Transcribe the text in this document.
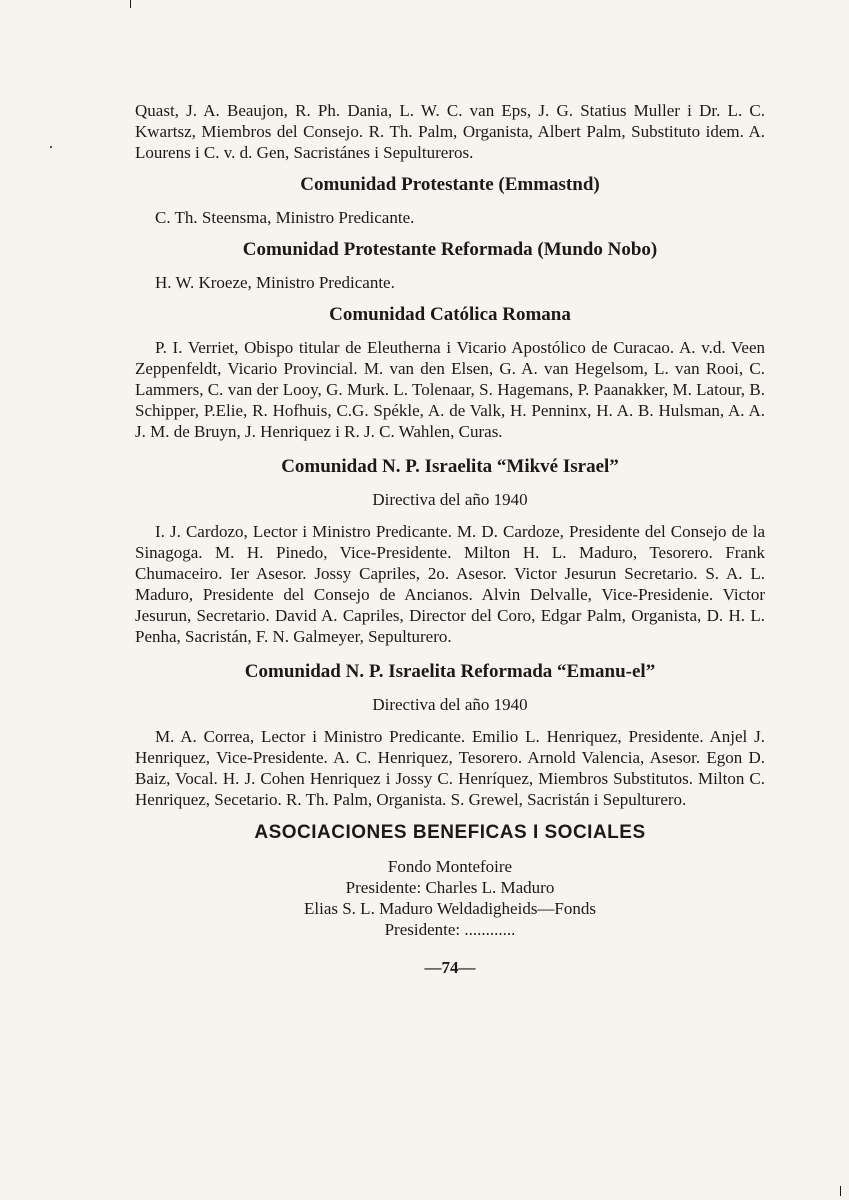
Quast, J. A. Beaujon, R. Ph. Dania, L. W. C. van Eps, J. G. Statius Muller i Dr. L. C. Kwartsz, Miembros del Consejo. R. Th. Palm, Organista, Albert Palm, Substituto idem. A. Lourens i C. v. d. Gen, Sacristánes i Sepultureros.

Comunidad Protestante (Emmastnd)

C. Th. Steensma, Ministro Predicante.

Comunidad Protestante Reformada (Mundo Nobo)

H. W. Kroeze, Ministro Predicante.

Comunidad Católica Romana

P. I. Verriet, Obispo titular de Eleutherna i Vicario Apostólico de Curacao. A. v.d. Veen Zeppenfeldt, Vicario Provincial. M. van den Elsen, G. A. van Hegelsom, L. van Rooi, C. Lammers, C. van der Looy, G. Murk. L. Tolenaar, S. Hagemans, P. Paanakker, M. Latour, B. Schipper, P.Elie, R. Hofhuis, C.G. Spékle, A. de Valk, H. Penninx, H. A. B. Hulsman, A. A. J. M. de Bruyn, J. Henriquez i R. J. C. Wahlen, Curas.

Comunidad N. P. Israelita “Mikvé Israel”

Directiva del año 1940

I. J. Cardozo, Lector i Ministro Predicante. M. D. Cardoze, Presidente del Consejo de la Sinagoga. M. H. Pinedo, Vice-Presidente. Milton H. L. Maduro, Tesorero. Frank Chumaceiro. Ier Asesor. Jossy Capriles, 2o. Asesor. Victor Jesurun Secretario. S. A. L. Maduro, Presidente del Consejo de Ancianos. Alvin Delvalle, Vice-Presidenie. Victor Jesurun, Secretario. David A. Capriles, Director del Coro, Edgar Palm, Organista, D. H. L. Penha, Sacristán, F. N. Galmeyer, Sepulturero.

Comunidad N. P. Israelita Reformada “Emanu-el”

Directiva del año 1940

M. A. Correa, Lector i Ministro Predicante. Emilio L. Henriquez, Presidente. Anjel J. Henriquez, Vice-Presidente. A. C. Henriquez, Tesorero. Arnold Valencia, Asesor. Egon D. Baiz, Vocal. H. J. Cohen Henriquez i Jossy C. Henríquez, Miembros Substitutos. Milton C. Henriquez, Secetario. R. Th. Palm, Organista. S. Grewel, Sacristán i Sepulturero.

ASOCIACIONES BENEFICAS I SOCIALES

Fondo Montefoire

Presidente: Charles L. Maduro

Elias S. L. Maduro Weldadigheids—Fonds

Presidente: ............

—74—
